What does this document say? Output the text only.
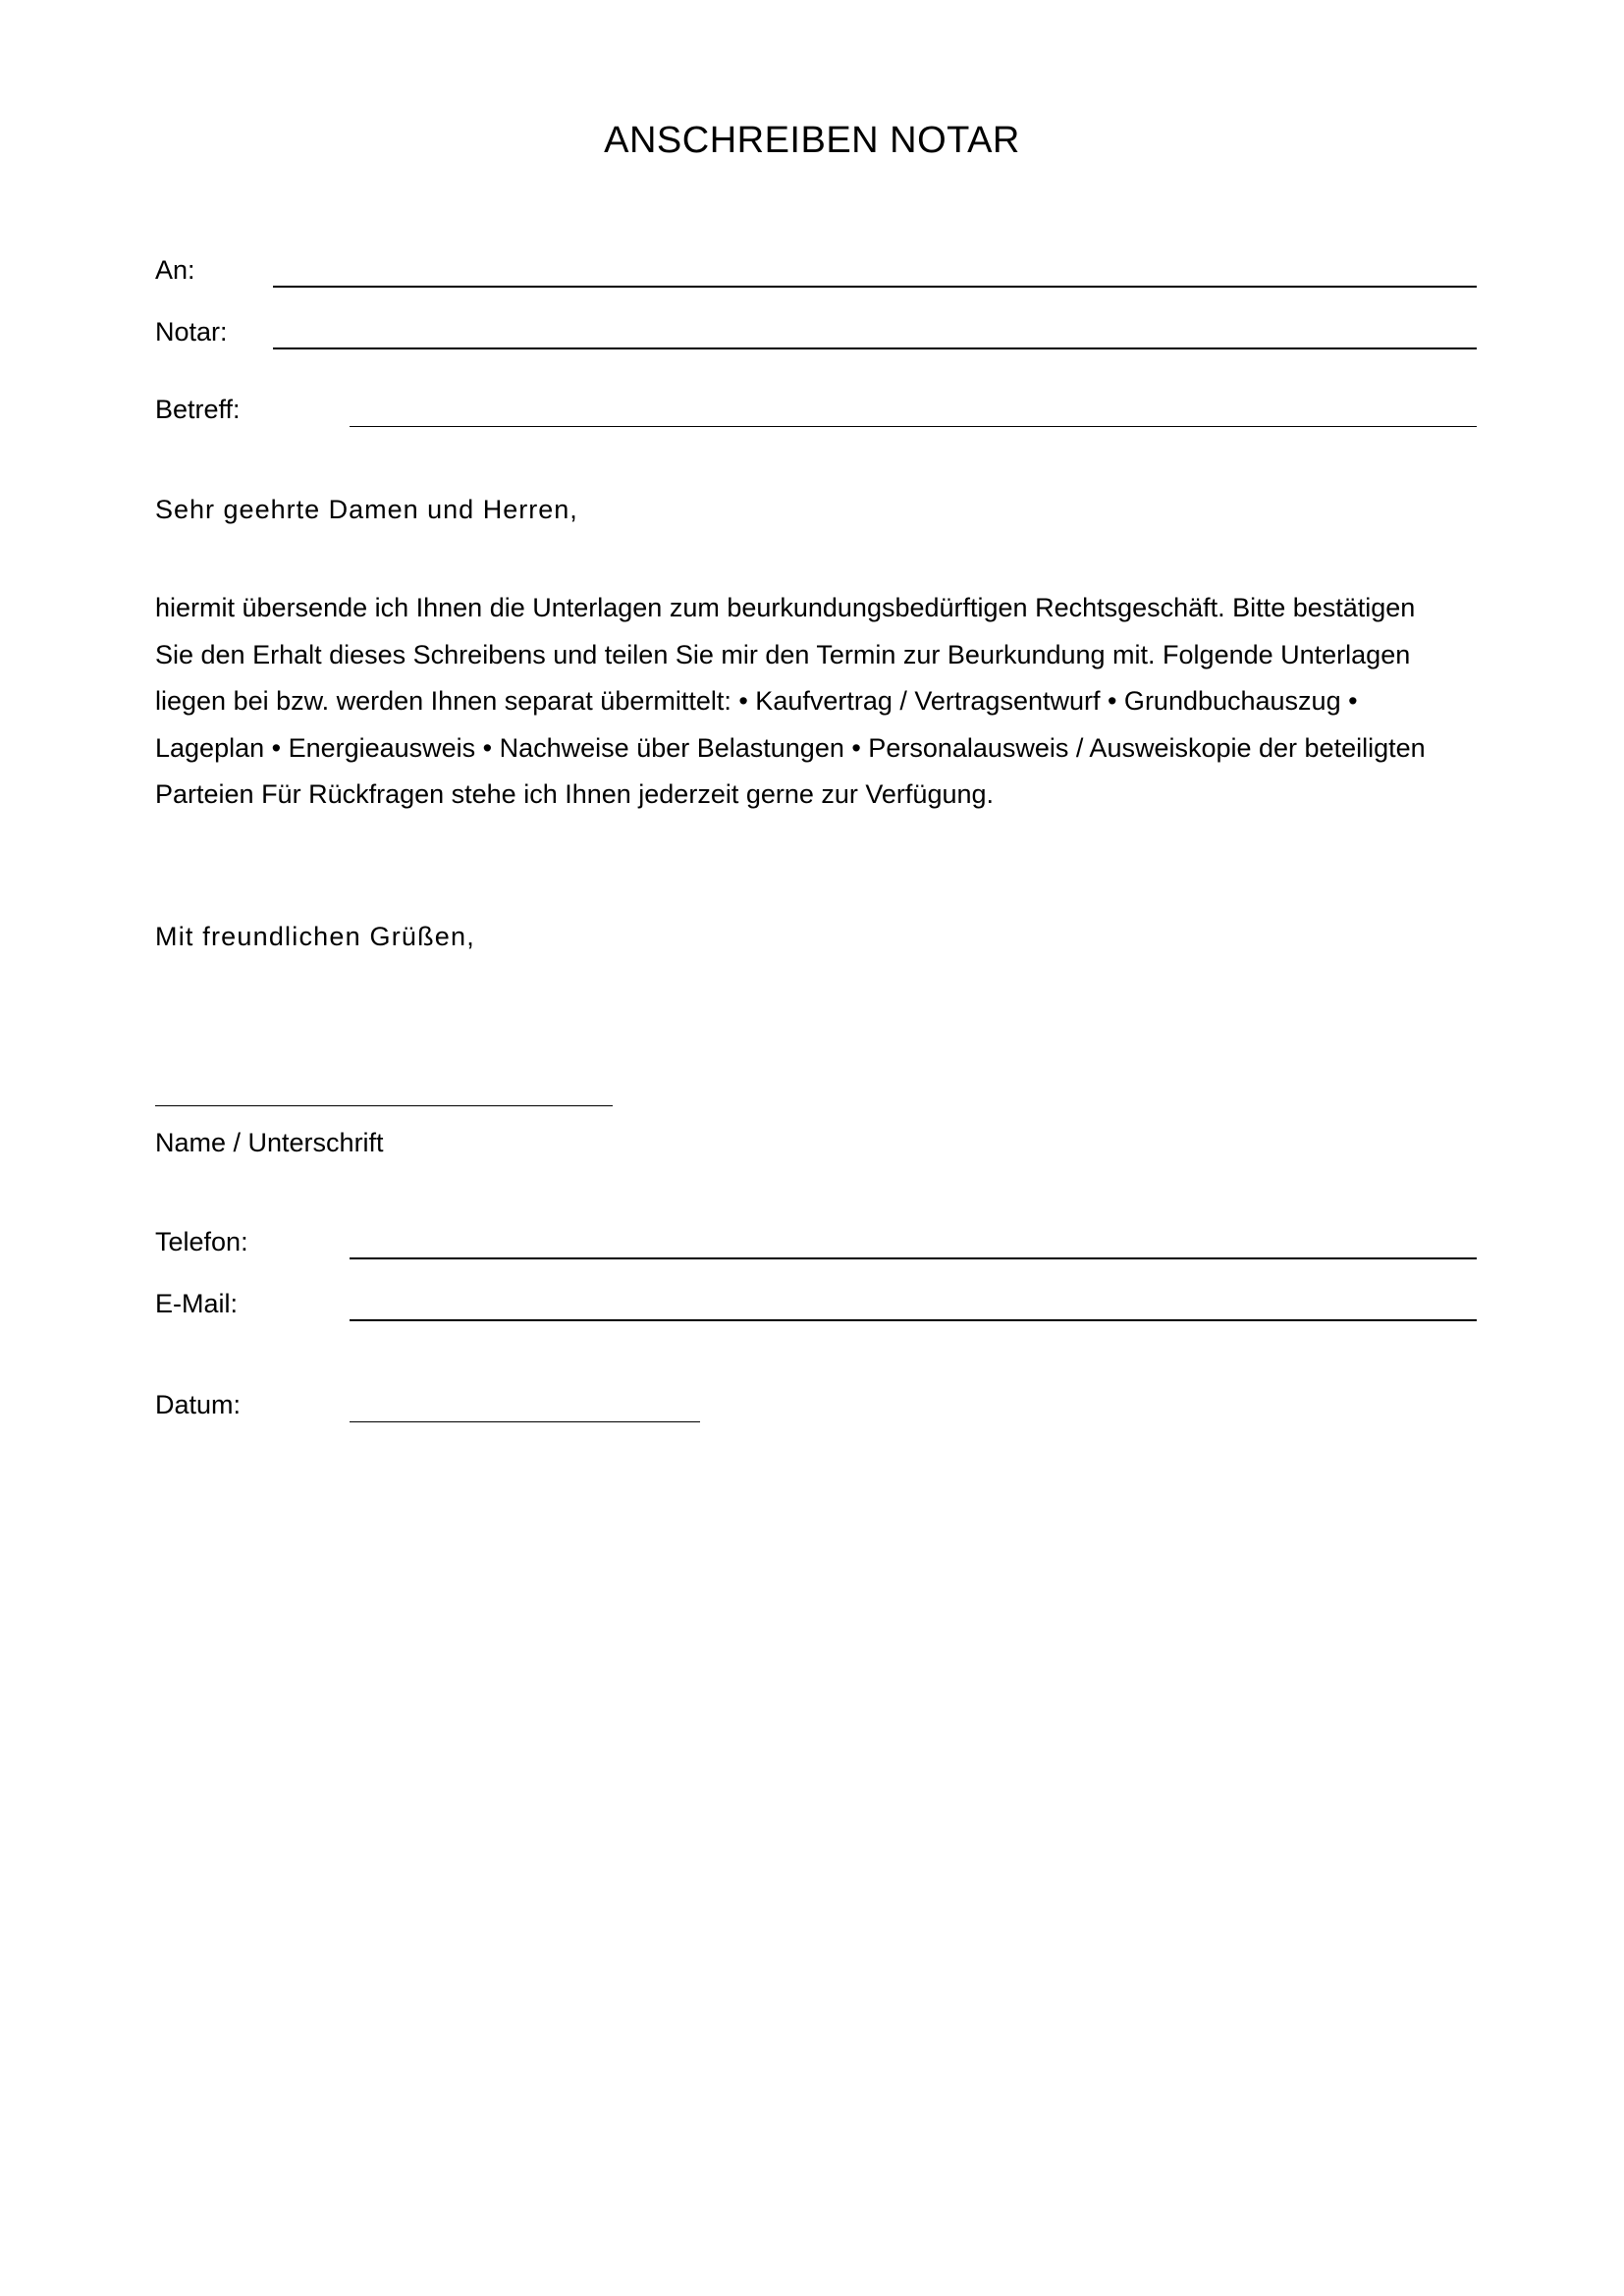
ANSCHREIBEN NOTAR
An:
Notar:
Betreff:
Sehr geehrte Damen und Herren,
hiermit übersende ich Ihnen die Unterlagen zum beurkundungsbedürftigen Rechtsgeschäft. Bitte bestätigen
Sie den Erhalt dieses Schreibens und teilen Sie mir den Termin zur Beurkundung mit. Folgende Unterlagen
liegen bei bzw. werden Ihnen separat übermittelt: • Kaufvertrag / Vertragsentwurf • Grundbuchauszug •
Lageplan • Energieausweis • Nachweise über Belastungen • Personalausweis / Ausweiskopie der beteiligten
Parteien Für Rückfragen stehe ich Ihnen jederzeit gerne zur Verfügung.
Mit freundlichen Grüßen,
Name / Unterschrift
Telefon:
E-Mail:
Datum:
